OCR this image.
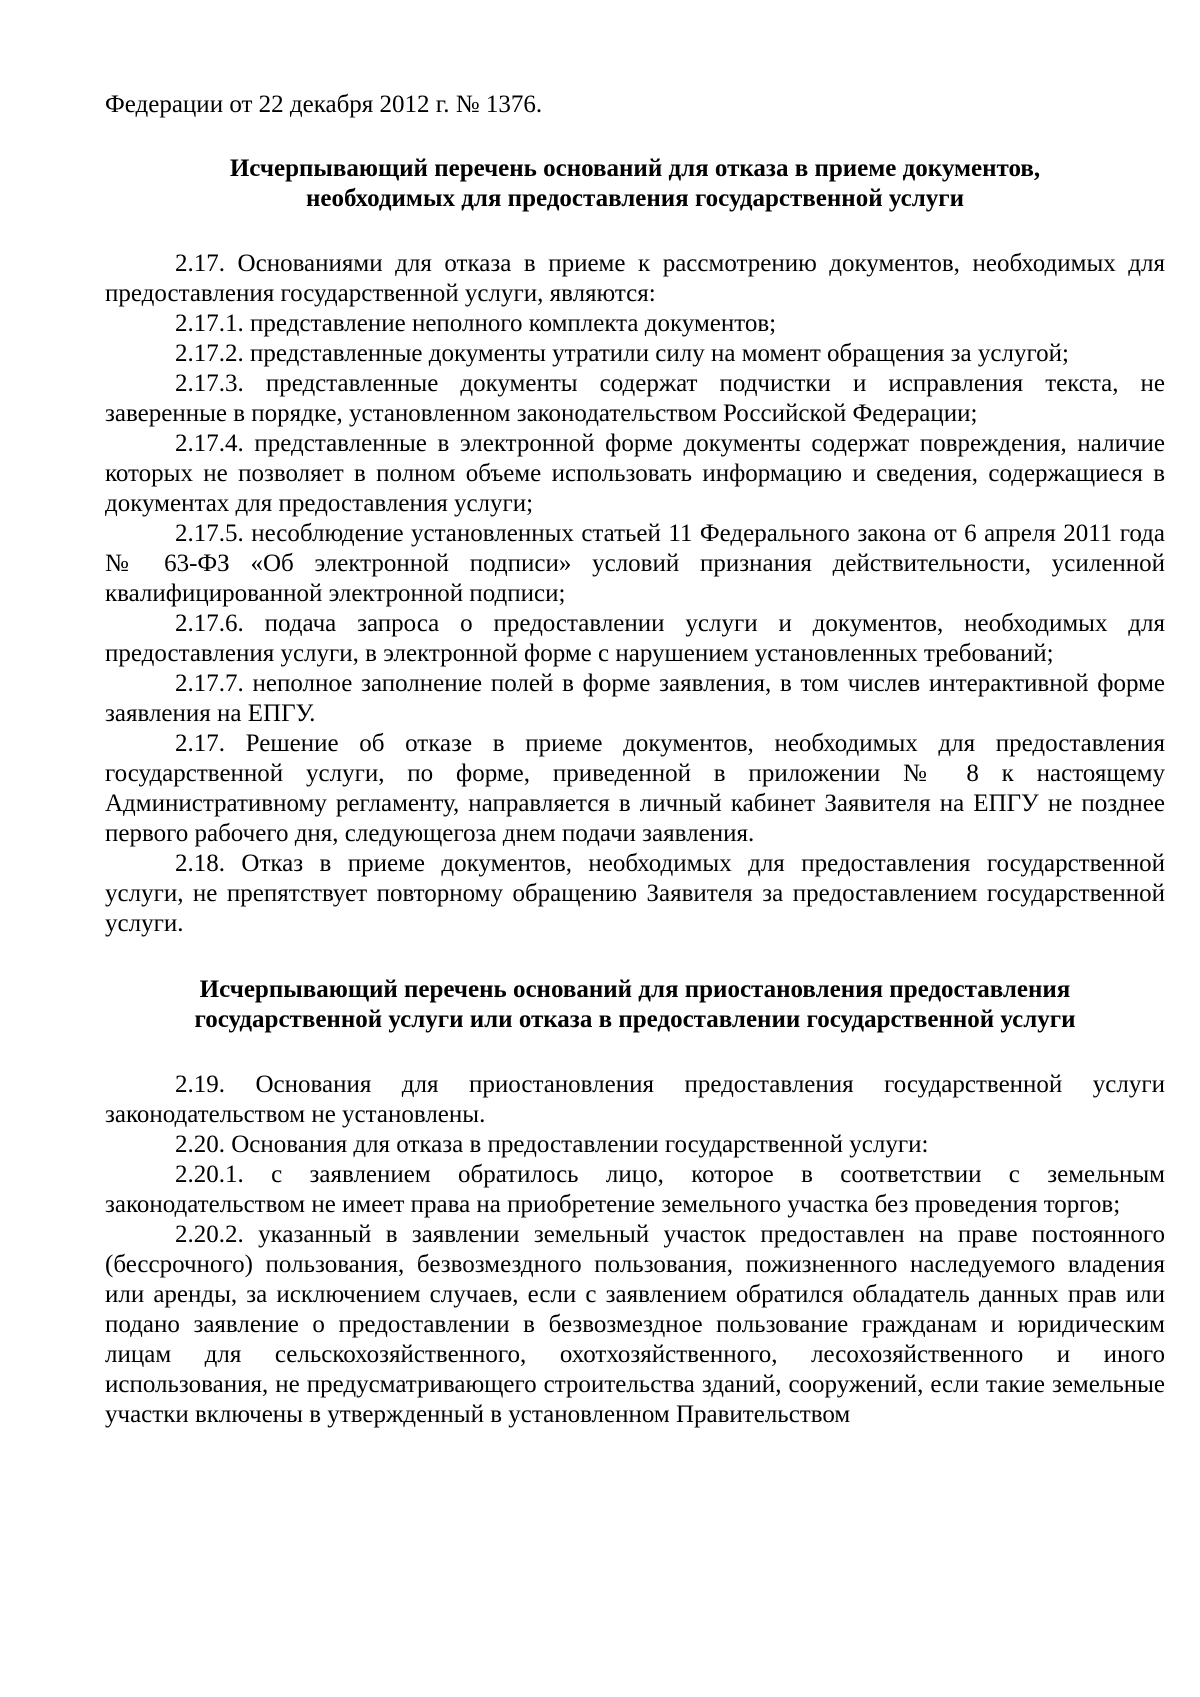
Федерации от 22 декабря 2012 г. № 1376.

Исчерпывающий перечень оснований для отказа в приеме документов,

необходимых для предоставления государственной услуги

2.17. Основаниями для отказа в приеме к рассмотрению документов, необходимых для предоставления государственной услуги, являются:

2.17.1. представление неполного комплекта документов;

2.17.2. представленные документы утратили силу на момент обращения за услугой;

2.17.3. представленные документы содержат подчистки и исправления текста, не заверенные в порядке, установленном законодательством Российской Федерации;

2.17.4. представленные в электронной форме документы содержат повреждения, наличие которых не позволяет в полном объеме использовать информацию и сведения, содержащиеся в документах для предоставления услуги;

2.17.5. несоблюдение установленных статьей 11 Федерального закона от 6 апреля 2011 года № 63-ФЗ «Об электронной подписи» условий признания действительности, усиленной квалифицированной электронной подписи;

2.17.6. подача запроса о предоставлении услуги и документов, необходимых для предоставления услуги, в электронной форме с нарушением установленных требований;

2.17.7. неполное заполнение полей в форме заявления, в том числев интерактивной форме заявления на ЕПГУ.

2.17. Решение об отказе в приеме документов, необходимых для предоставления государственной услуги, по форме, приведенной в приложении № 8 к настоящему Административному регламенту, направляется в личный кабинет Заявителя на ЕПГУ не позднее первого рабочего дня, следующегоза днем подачи заявления.

2.18. Отказ в приеме документов, необходимых для предоставления государственной услуги, не препятствует повторному обращению Заявителя за предоставлением государственной услуги.

Исчерпывающий перечень оснований для приостановления предоставления

государственной услуги или отказа в предоставлении государственной услуги

2.19. Основания для приостановления предоставления государственной услуги законодательством не установлены.

2.20. Основания для отказа в предоставлении государственной услуги:

2.20.1. с заявлением обратилось лицо, которое в соответствии с земельным законодательством не имеет права на приобретение земельного участка без проведения торгов;

2.20.2. указанный в заявлении земельный участок предоставлен на праве постоянного (бессрочного) пользования, безвозмездного пользования, пожизненного наследуемого владения или аренды, за исключением случаев, если с заявлением обратился обладатель данных прав или подано заявление о предоставлении в безвозмездное пользование гражданам и юридическим лицам для сельскохозяйственного, охотхозяйственного, лесохозяйственного и иного использования, не предусматривающего строительства зданий, сооружений, если такие земельные участки включены в утвержденный в установленном Правительством
